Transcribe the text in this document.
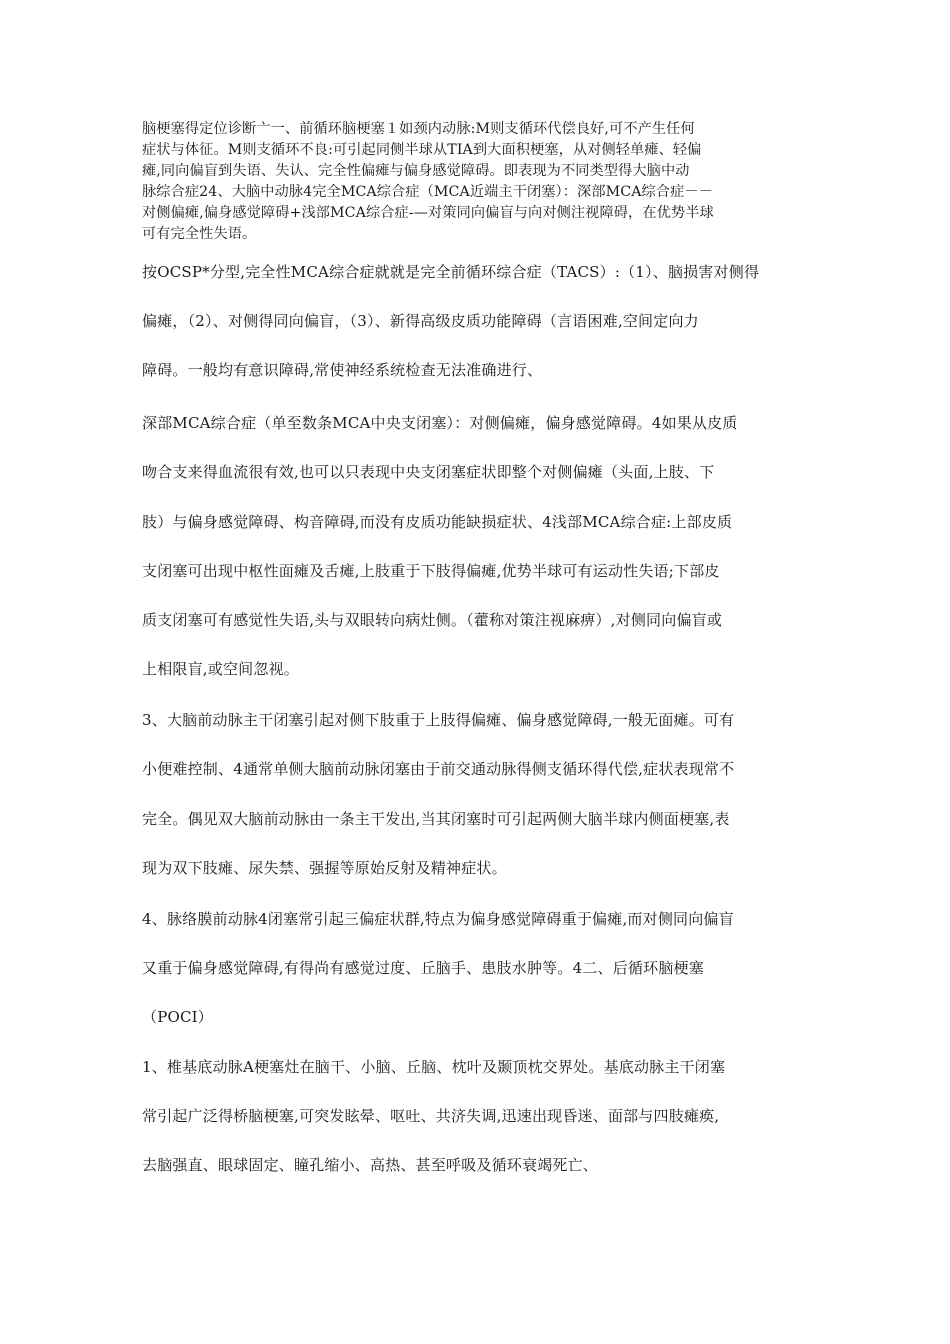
脑梗塞得定位诊断亠一、前循环脑梗塞１如颈内动脉:M则支循环代偿良好,可不产生任何
症状与体征。M则支循环不良:可引起同侧半球从TIA到大面积梗塞，从对侧轻单瘫、轻偏
瘫,同向偏盲到失语、失认、完全性偏瘫与偏身感觉障碍。即表现为不同类型得大脑中动
脉综合症24、大脑中动脉4完全MCA综合症（MCA近端主干闭塞）：深部MCA综合症－－
对侧偏瘫,偏身感觉障碍+浅部MCA综合症-—对策同向偏盲与向对侧注视障碍，在优势半球
可有完全性失语。
按OCSP*分型,完全性MCA综合症就就是完全前循环综合症（TACS）:（1）、脑损害对侧得
偏瘫，（2）、对侧得同向偏盲，（3）、新得高级皮质功能障碍（言语困难,空间定向力
障碍。一般均有意识障碍,常使神经系统检查无法准确进行、
深部MCA综合症（单至数条MCA中央支闭塞）：对侧偏瘫，偏身感觉障碍。4如果从皮质
吻合支来得血流很有效,也可以只表现中央支闭塞症状即整个对侧偏瘫（头面,上肢、下
肢）与偏身感觉障碍、构音障碍,而没有皮质功能缺损症状、4浅部MCA综合症:上部皮质
支闭塞可出现中枢性面瘫及舌瘫,上肢重于下肢得偏瘫,优势半球可有运动性失语;下部皮
质支闭塞可有感觉性失语,头与双眼转向病灶侧。（藿称对策注视麻痹）,对侧同向偏盲或
上相限盲,或空间忽视。
3、大脑前动脉主干闭塞引起对侧下肢重于上肢得偏瘫、偏身感觉障碍,一般无面瘫。可有
小便难控制、4通常单侧大脑前动脉闭塞由于前交通动脉得侧支循环得代偿,症状表现常不
完全。偶见双大脑前动脉由一条主干发出,当其闭塞时可引起两侧大脑半球内侧面梗塞,表
现为双下肢瘫、尿失禁、强握等原始反射及精神症状。
4、脉络膜前动脉4闭塞常引起三偏症状群,特点为偏身感觉障碍重于偏瘫,而对侧同向偏盲
又重于偏身感觉障碍,有得尚有感觉过度、丘脑手、患肢水肿等。4二、后循环脑梗塞
（POCI）
1、椎基底动脉A梗塞灶在脑干、小脑、丘脑、枕叶及颞顶枕交界处。基底动脉主干闭塞
常引起广泛得桥脑梗塞,可突发眩晕、呕吐、共济失调,迅速出现昏迷、面部与四肢瘫痪,
去脑强直、眼球固定、瞳孔缩小、高热、甚至呼吸及循环衰竭死亡、
